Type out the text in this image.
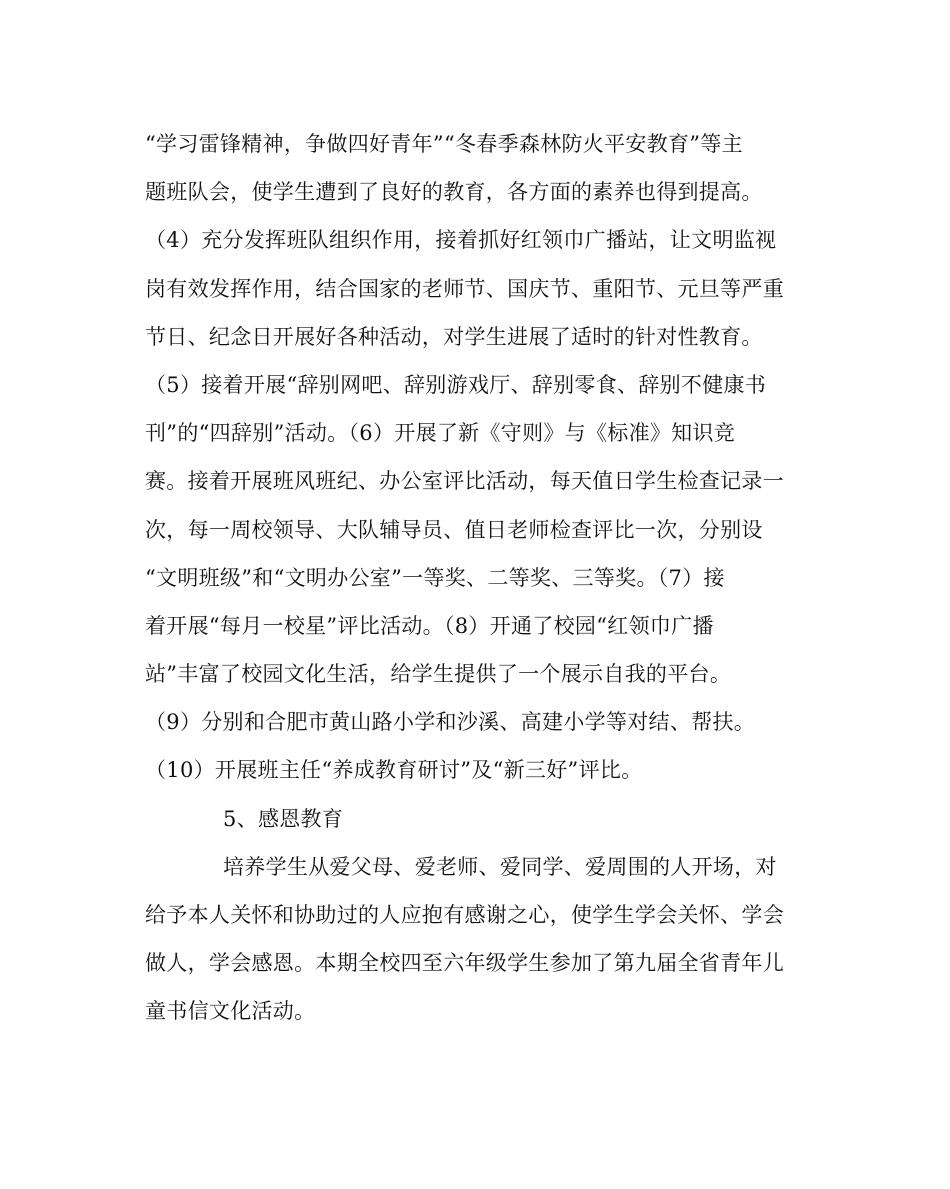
“学习雷锋精神，争做四好青年”“冬春季森林防火平安教育”等主
题班队会，使学生遭到了良好的教育，各方面的素养也得到提高。
（4）充分发挥班队组织作用，接着抓好红领巾广播站，让文明监视
岗有效发挥作用，结合国家的老师节、国庆节、重阳节、元旦等严重
节日、纪念日开展好各种活动，对学生进展了适时的针对性教育。
（5）接着开展“辞别网吧、辞别游戏厅、辞别零食、辞别不健康书
刊”的“四辞别”活动。（6）开展了新《守则》与《标准》知识竞
赛。接着开展班风班纪、办公室评比活动，每天值日学生检查记录一
次，每一周校领导、大队辅导员、值日老师检查评比一次，分别设
“文明班级”和“文明办公室”一等奖、二等奖、三等奖。（7）接
着开展“每月一校星”评比活动。（8）开通了校园“红领巾广播
站”丰富了校园文化生活，给学生提供了一个展示自我的平台。
（9）分别和合肥市黄山路小学和沙溪、高建小学等对结、帮扶。
（10）开展班主任“养成教育研讨”及“新三好”评比。
5、感恩教育
培养学生从爱父母、爱老师、爱同学、爱周围的人开场，对
给予本人关怀和协助过的人应抱有感谢之心，使学生学会关怀、学会
做人，学会感恩。本期全校四至六年级学生参加了第九届全省青年儿
童书信文化活动。
